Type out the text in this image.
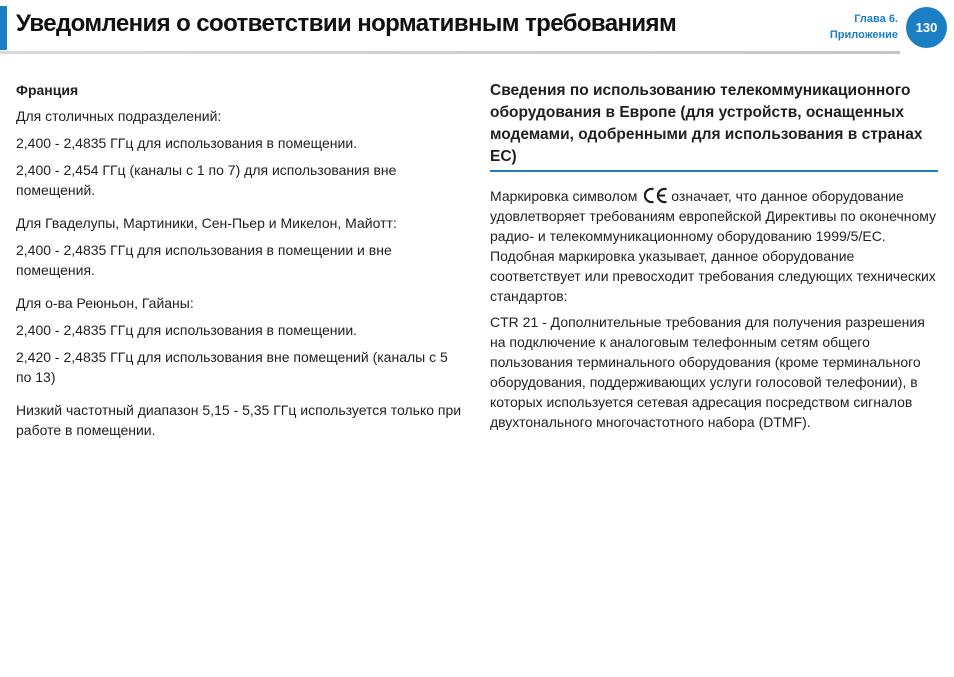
Уведомления о соответствии нормативным требованиям	Глава 6.
Приложение	130
Франция

Для столичных подразделений:

2,400 - 2,4835 ГГц для использования в помещении.

2,400 - 2,454 ГГц (каналы с 1 по 7) для использования вне помещений.

Для Гваделупы, Мартиники, Сен-Пьер и Микелон, Майотт:

2,400 - 2,4835 ГГц для использования в помещении и вне помещения.

Для о-ва Реюньон, Гайаны:

2,400 - 2,4835 ГГц для использования в помещении.

2,420 - 2,4835 ГГц для использования вне помещений (каналы с 5 по 13)

Низкий частотный диапазон 5,15 - 5,35 ГГц используется только при работе в помещении.

Сведения по использованию телекоммуникационного оборудования в Европе (для устройств, оснащенных модемами, одобренными для использования в странах ЕС)

Маркировка символом означает, что данное оборудование удовлетворяет требованиям европейской Директивы по оконечному радио- и телекоммуникационному оборудованию 1999/5/EC. Подобная маркировка указывает, данное оборудование соответствует или превосходит требования следующих технических стандартов:

CTR 21 - Дополнительные требования для получения разрешения на подключение к аналоговым телефонным сетям общего пользования терминального оборудования (кроме терминального оборудования, поддерживающих услуги голосовой телефонии), в которых используется сетевая адресация посредством сигналов двухтонального многочастотного набора (DTMF).
